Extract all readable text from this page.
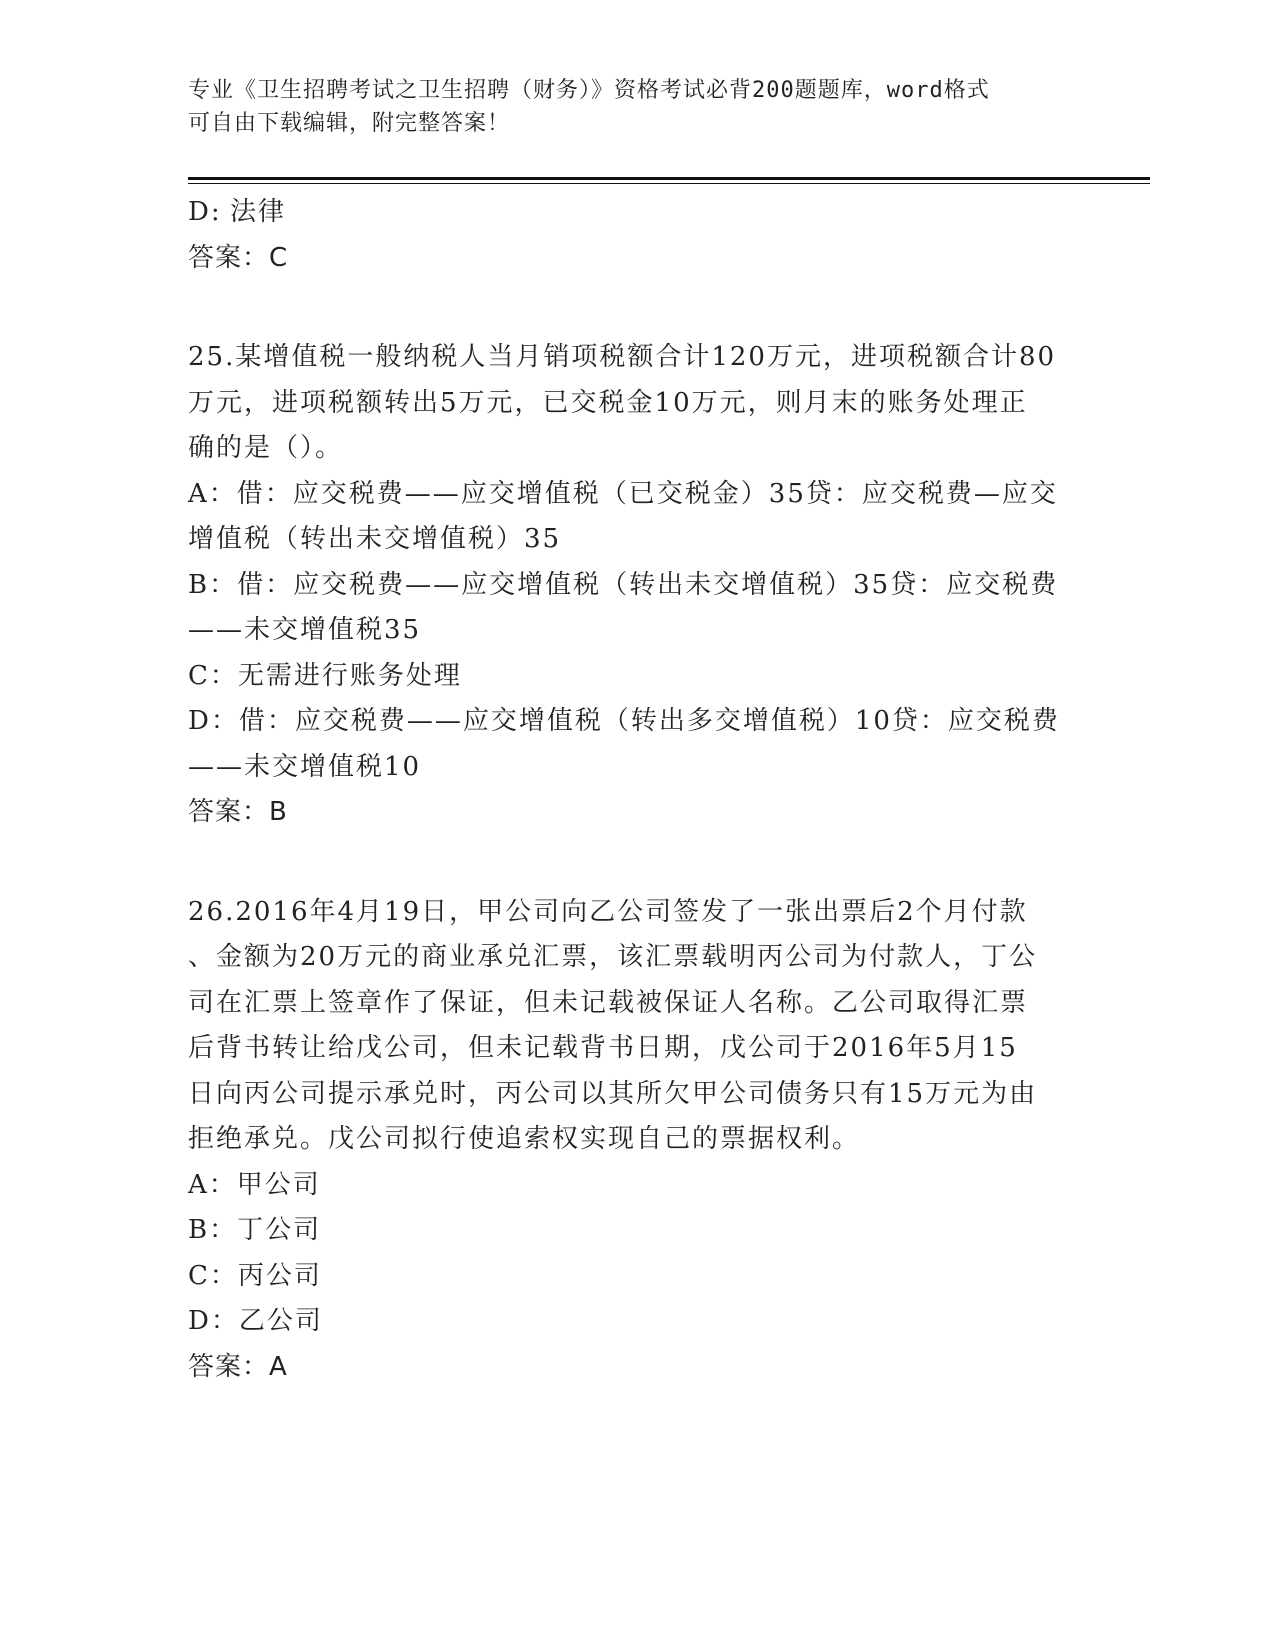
专业《卫生招聘考试之卫生招聘（财务）》资格考试必背200题题库，word格式
可自由下载编辑，附完整答案！

D: 法律

答案：C

25.某增值税一般纳税人当月销项税额合计120万元，进项税额合计80

万元，进项税额转出5万元，已交税金10万元，则月末的账务处理正

确的是（）。

A：借：应交税费——应交增值税（已交税金）35贷：应交税费—应交

增值税（转出未交增值税）35

B：借：应交税费——应交增值税（转出未交增值税）35贷：应交税费

——未交增值税35

C：无需进行账务处理

D：借：应交税费——应交增值税（转出多交增值税）10贷：应交税费

——未交增值税10

答案：B

26.2016年4月19日，甲公司向乙公司签发了一张出票后2个月付款

、金额为20万元的商业承兑汇票，该汇票载明丙公司为付款人，丁公

司在汇票上签章作了保证，但未记载被保证人名称。乙公司取得汇票

后背书转让给戊公司，但未记载背书日期，戊公司于2016年5月15

日向丙公司提示承兑时，丙公司以其所欠甲公司债务只有15万元为由

拒绝承兑。戊公司拟行使追索权实现自己的票据权利。

A：甲公司

B：丁公司

C：丙公司

D：乙公司

答案：A
